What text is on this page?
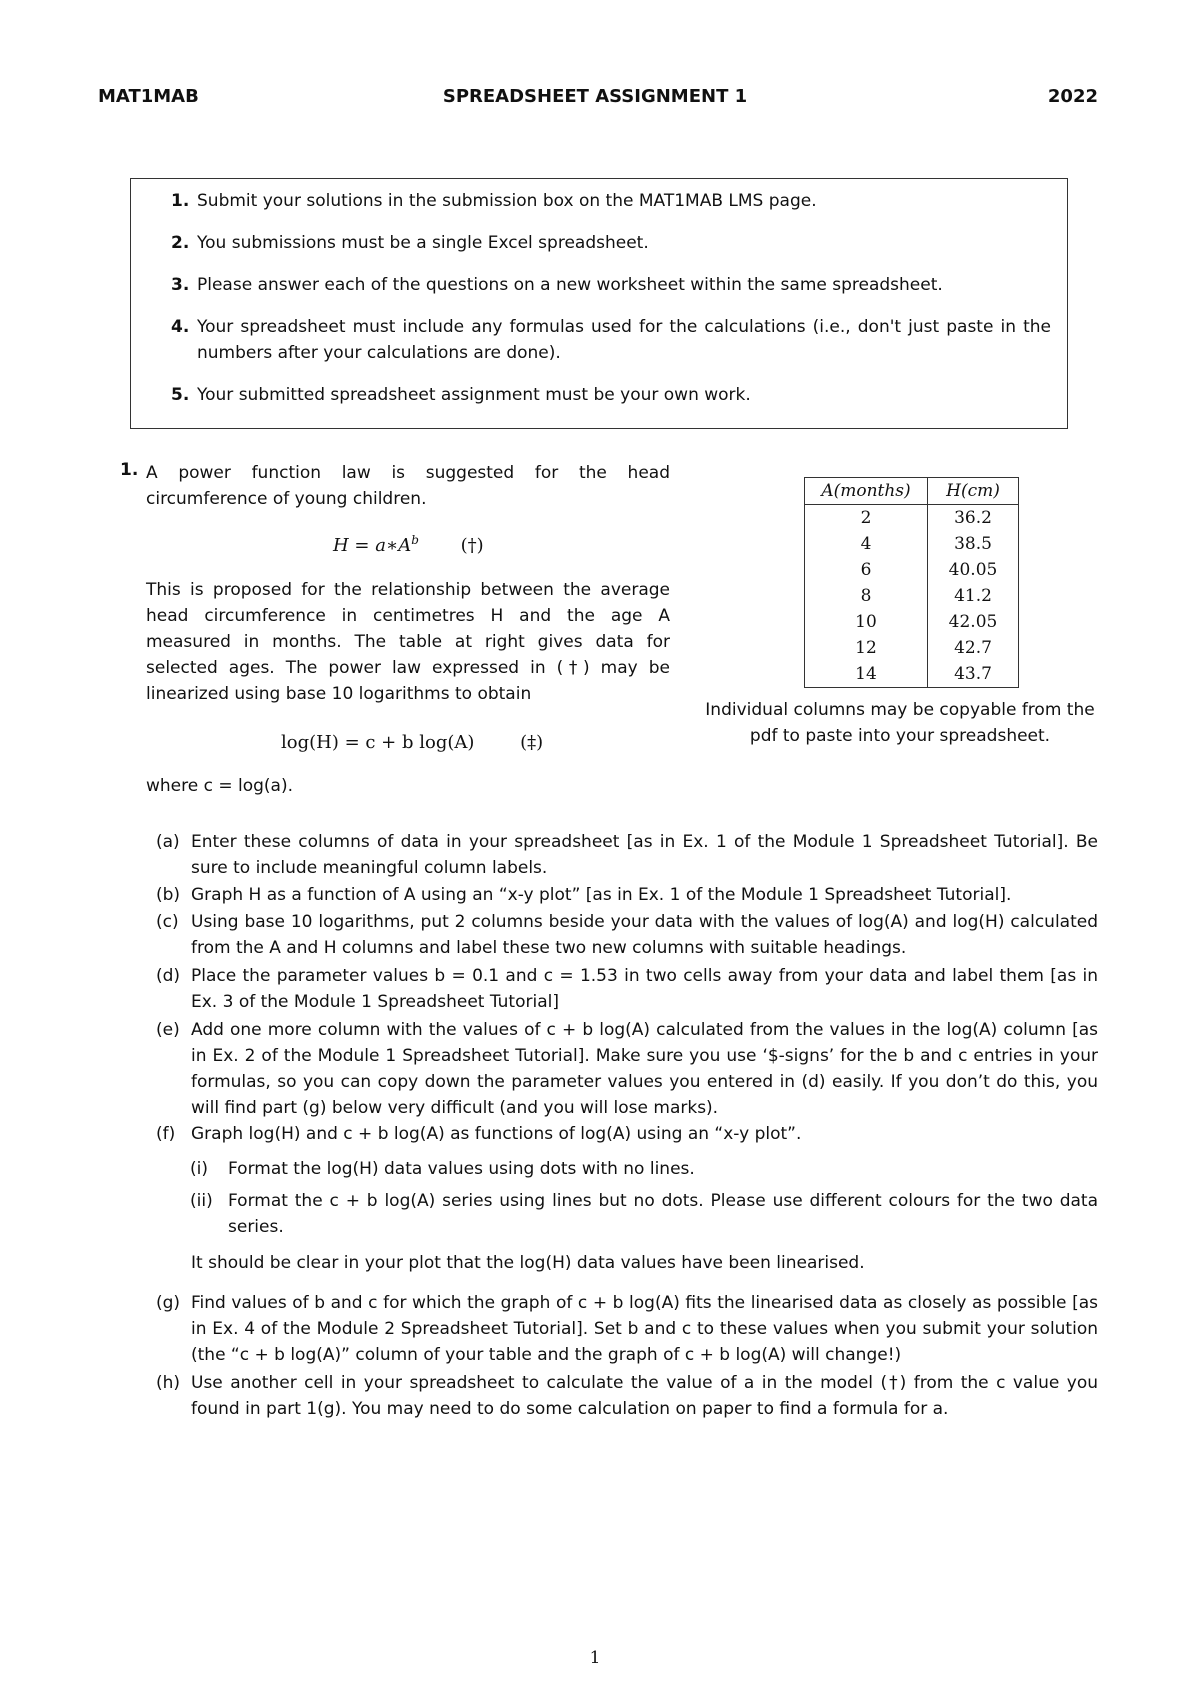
MAT1MAB	SPREADSHEET ASSIGNMENT 1	2022
1. Submit your solutions in the submission box on the MAT1MAB LMS page.
2. You submissions must be a single Excel spreadsheet.
3. Please answer each of the questions on a new worksheet within the same spreadsheet.
4. Your spreadsheet must include any formulas used for the calculations (i.e., don't just paste in the numbers after your calculations are done).
5. Your submitted spreadsheet assignment must be your own work.
1. A power function law is suggested for the head circumference of young children.
$H = a∗A^b$ (†)
This is proposed for the relationship between the average head circumference in centimetres H and the age A measured in months. The table at right gives data for selected ages. The power law expressed in (†) may be linearized using base 10 logarithms to obtain
log(H) = c + b log(A)	(‡)
where c = log(a).
A(months)	H(cm)
2	36.2
4	38.5
6	40.05
8	41.2
10	42.05
12	42.7
14	43.7
Individual columns may be copyable from the pdf to paste into your spreadsheet.
(a) Enter these columns of data in your spreadsheet [as in Ex. 1 of the Module 1 Spreadsheet Tutorial]. Be sure to include meaningful column labels.
(b) Graph H as a function of A using an “x-y plot” [as in Ex. 1 of the Module 1 Spreadsheet Tutorial].
(c) Using base 10 logarithms, put 2 columns beside your data with the values of log(A) and log(H) calculated from the A and H columns and label these two new columns with suitable headings.
(d) Place the parameter values b = 0.1 and c = 1.53 in two cells away from your data and label them [as in Ex. 3 of the Module 1 Spreadsheet Tutorial]
(e) Add one more column with the values of c + b log(A) calculated from the values in the log(A) column [as in Ex. 2 of the Module 1 Spreadsheet Tutorial]. Make sure you use ‘$-signs’ for the b and c entries in your formulas, so you can copy down the parameter values you entered in (d) easily. If you don’t do this, you will find part (g) below very difficult (and you will lose marks).
(f) Graph log(H) and c + b log(A) as functions of log(A) using an “x-y plot”.
(i) Format the log(H) data values using dots with no lines.
(ii) Format the c + b log(A) series using lines but no dots. Please use different colours for the two data series.
It should be clear in your plot that the log(H) data values have been linearised.
(g) Find values of b and c for which the graph of c + b log(A) fits the linearised data as closely as possible [as in Ex. 4 of the Module 2 Spreadsheet Tutorial]. Set b and c to these values when you submit your solution (the “c + b log(A)” column of your table and the graph of c + b log(A) will change!)
(h) Use another cell in your spreadsheet to calculate the value of a in the model (†) from the c value you found in part 1(g). You may need to do some calculation on paper to find a formula for a.
1
